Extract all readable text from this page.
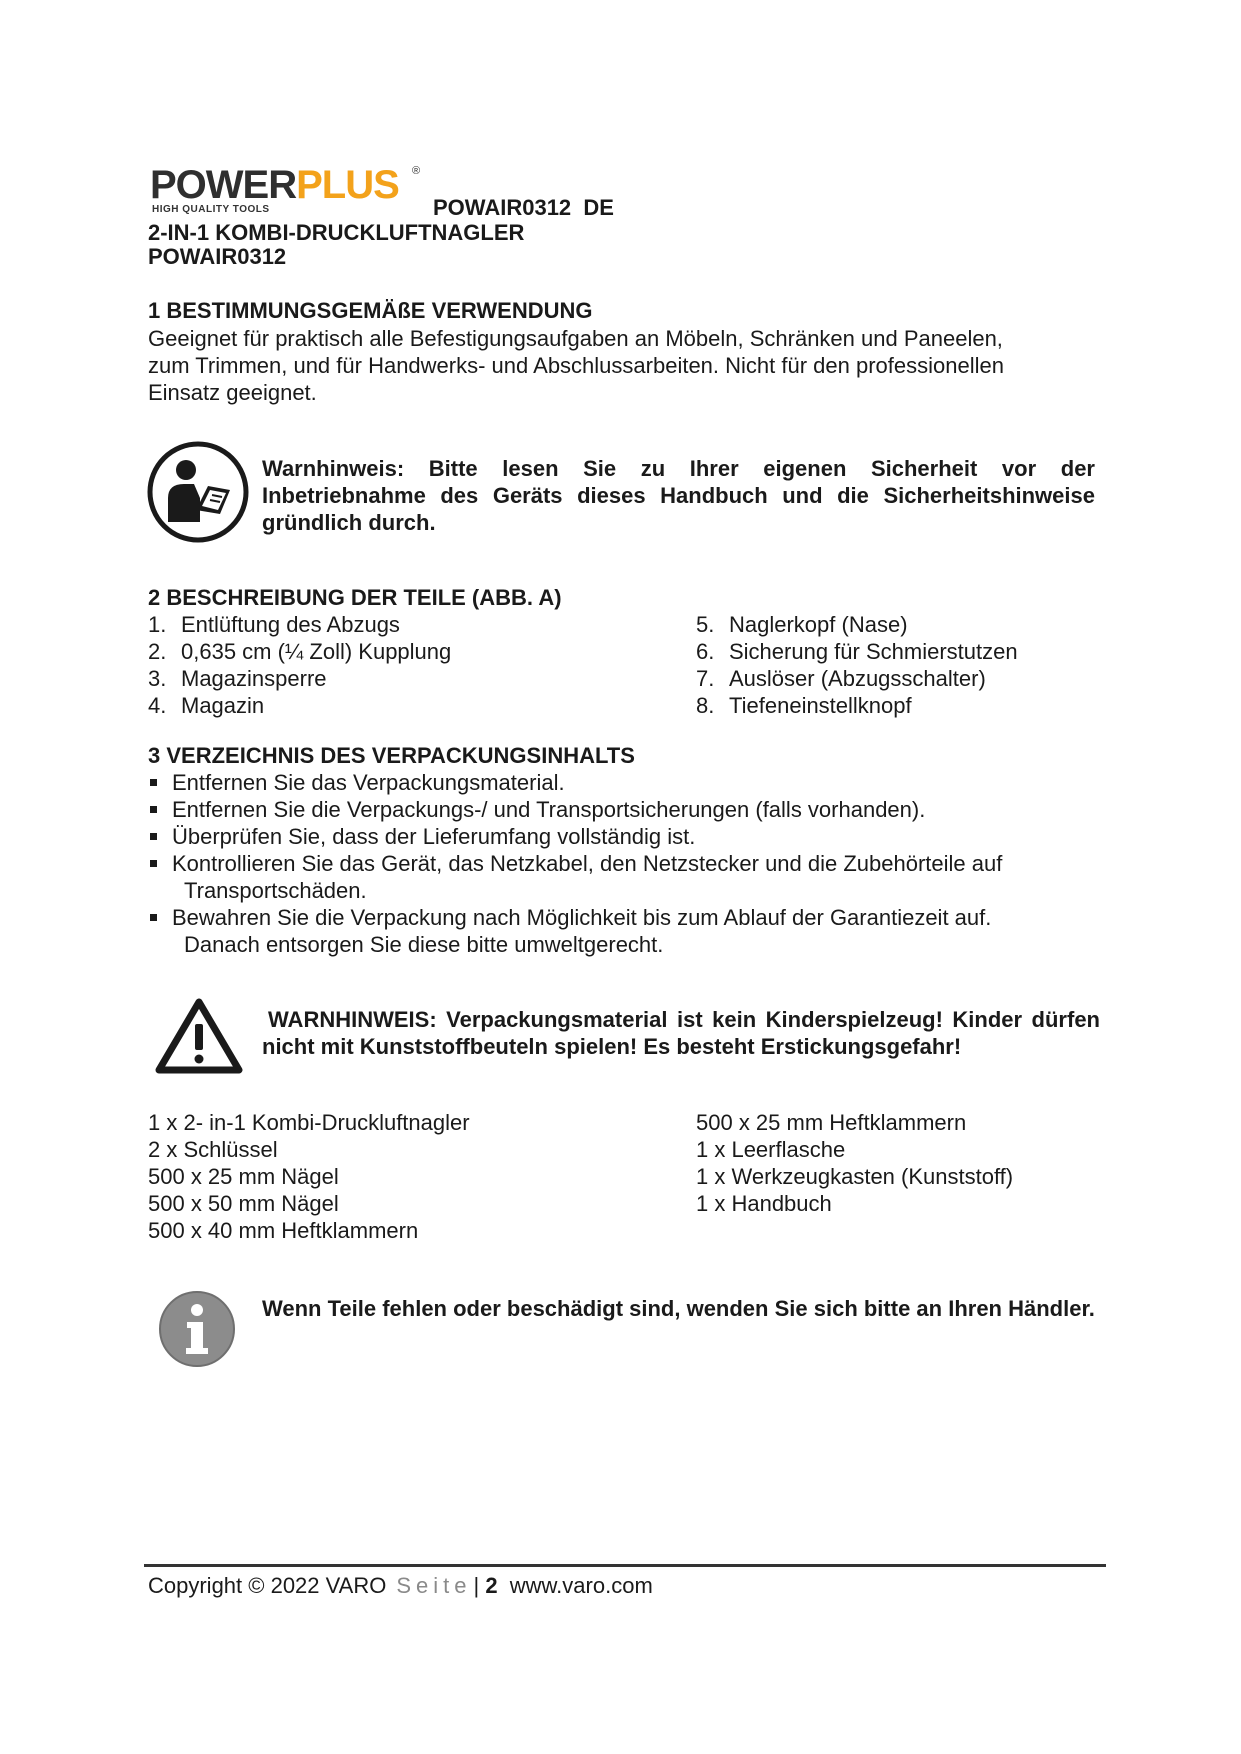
POWERPLUS ®
HIGH QUALITY TOOLS	POWAIR0312  DE
2-IN-1 KOMBI-DRUCKLUFTNAGLER
POWAIR0312
1 BESTIMMUNGSGEMÄßE VERWENDUNG
Geeignet für praktisch alle Befestigungsaufgaben an Möbeln, Schränken und Paneelen,
zum Trimmen, und für Handwerks- und Abschlussarbeiten. Nicht für den professionellen
Einsatz geeignet.
Warnhinweis: Bitte lesen Sie zu Ihrer eigenen Sicherheit vor der Inbetriebnahme des Geräts dieses Handbuch und die Sicherheitshinweise gründlich durch.
2 BESCHREIBUNG DER TEILE (ABB. A)
1. Entlüftung des Abzugs
2. 0,635 cm (¼ Zoll) Kupplung
3. Magazinsperre
4. Magazin
5. Naglerkopf (Nase)
6. Sicherung für Schmierstutzen
7. Auslöser (Abzugsschalter)
8. Tiefeneinstellknopf
3 VERZEICHNIS DES VERPACKUNGSINHALTS
Entfernen Sie das Verpackungsmaterial.
Entfernen Sie die Verpackungs-/ und Transportsicherungen (falls vorhanden).
Überprüfen Sie, dass der Lieferumfang vollständig ist.
Kontrollieren Sie das Gerät, das Netzkabel, den Netzstecker und die Zubehörteile auf
Transportschäden.
Bewahren Sie die Verpackung nach Möglichkeit bis zum Ablauf der Garantiezeit auf.
Danach entsorgen Sie diese bitte umweltgerecht.
WARNHINWEIS: Verpackungsmaterial ist kein Kinderspielzeug! Kinder dürfen nicht mit Kunststoffbeuteln spielen! Es besteht Erstickungsgefahr!
1 x 2- in-1 Kombi-Druckluftnagler
2 x Schlüssel
500 x 25 mm Nägel
500 x 50 mm Nägel
500 x 40 mm Heftklammern
500 x 25 mm Heftklammern
1 x Leerflasche
1 x Werkzeugkasten (Kunststoff)
1 x Handbuch
Wenn Teile fehlen oder beschädigt sind, wenden Sie sich bitte an Ihren Händler.
Copyright © 2022 VARO Seite| 2 www.varo.com
